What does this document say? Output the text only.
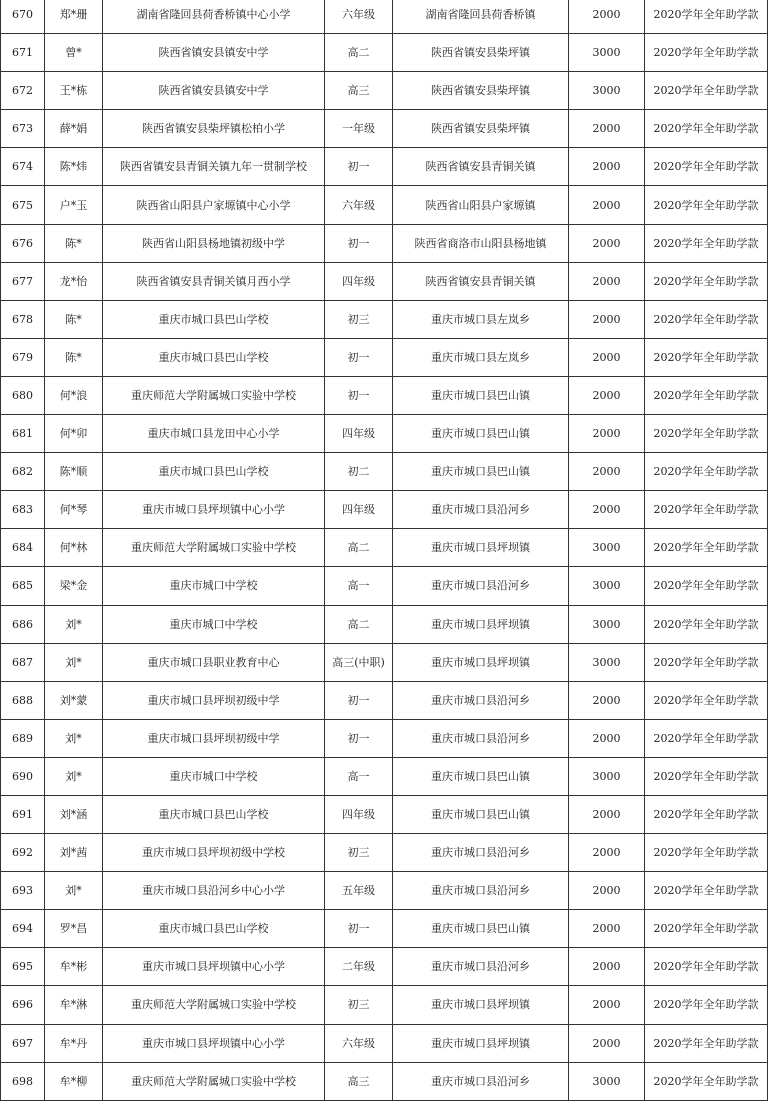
670	郑*珊	湖南省隆回县荷香桥镇中心小学	六年级	湖南省隆回县荷香桥镇	2000	2020学年全年助学款
671	曾*	陕西省镇安县镇安中学	高二	陕西省镇安县柴坪镇	3000	2020学年全年助学款
672	王*栋	陕西省镇安县镇安中学	高三	陕西省镇安县柴坪镇	3000	2020学年全年助学款
673	薛*娟	陕西省镇安县柴坪镇松柏小学	一年级	陕西省镇安县柴坪镇	2000	2020学年全年助学款
674	陈*炜	陕西省镇安县青铜关镇九年一贯制学校	初一	陕西省镇安县青铜关镇	2000	2020学年全年助学款
675	户*玉	陕西省山阳县户家塬镇中心小学	六年级	陕西省山阳县户家塬镇	2000	2020学年全年助学款
676	陈*	陕西省山阳县杨地镇初级中学	初一	陕西省商洛市山阳县杨地镇	2000	2020学年全年助学款
677	龙*怡	陕西省镇安县青铜关镇月西小学	四年级	陕西省镇安县青铜关镇	2000	2020学年全年助学款
678	陈*	重庆市城口县巴山学校	初三	重庆市城口县左岚乡	2000	2020学年全年助学款
679	陈*	重庆市城口县巴山学校	初一	重庆市城口县左岚乡	2000	2020学年全年助学款
680	何*浪	重庆师范大学附属城口实验中学校	初一	重庆市城口县巴山镇	2000	2020学年全年助学款
681	何*卯	重庆市城口县龙田中心小学	四年级	重庆市城口县巴山镇	2000	2020学年全年助学款
682	陈*顺	重庆市城口县巴山学校	初二	重庆市城口县巴山镇	2000	2020学年全年助学款
683	何*琴	重庆市城口县坪坝镇中心小学	四年级	重庆市城口县沿河乡	2000	2020学年全年助学款
684	何*林	重庆师范大学附属城口实验中学校	高二	重庆市城口县坪坝镇	3000	2020学年全年助学款
685	梁*金	重庆市城口中学校	高一	重庆市城口县沿河乡	3000	2020学年全年助学款
686	刘*	重庆市城口中学校	高二	重庆市城口县坪坝镇	3000	2020学年全年助学款
687	刘*	重庆市城口县职业教育中心	高三(中职)	重庆市城口县坪坝镇	3000	2020学年全年助学款
688	刘*蒙	重庆市城口县坪坝初级中学	初一	重庆市城口县沿河乡	2000	2020学年全年助学款
689	刘*	重庆市城口县坪坝初级中学	初一	重庆市城口县沿河乡	2000	2020学年全年助学款
690	刘*	重庆市城口中学校	高一	重庆市城口县巴山镇	3000	2020学年全年助学款
691	刘*涵	重庆市城口县巴山学校	四年级	重庆市城口县巴山镇	2000	2020学年全年助学款
692	刘*茜	重庆市城口县坪坝初级中学校	初三	重庆市城口县沿河乡	2000	2020学年全年助学款
693	刘*	重庆市城口县沿河乡中心小学	五年级	重庆市城口县沿河乡	2000	2020学年全年助学款
694	罗*昌	重庆市城口县巴山学校	初一	重庆市城口县巴山镇	2000	2020学年全年助学款
695	牟*彬	重庆市城口县坪坝镇中心小学	二年级	重庆市城口县沿河乡	2000	2020学年全年助学款
696	牟*淋	重庆师范大学附属城口实验中学校	初三	重庆市城口县坪坝镇	2000	2020学年全年助学款
697	牟*丹	重庆市城口县坪坝镇中心小学	六年级	重庆市城口县坪坝镇	2000	2020学年全年助学款
698	牟*柳	重庆师范大学附属城口实验中学校	高三	重庆市城口县沿河乡	3000	2020学年全年助学款
